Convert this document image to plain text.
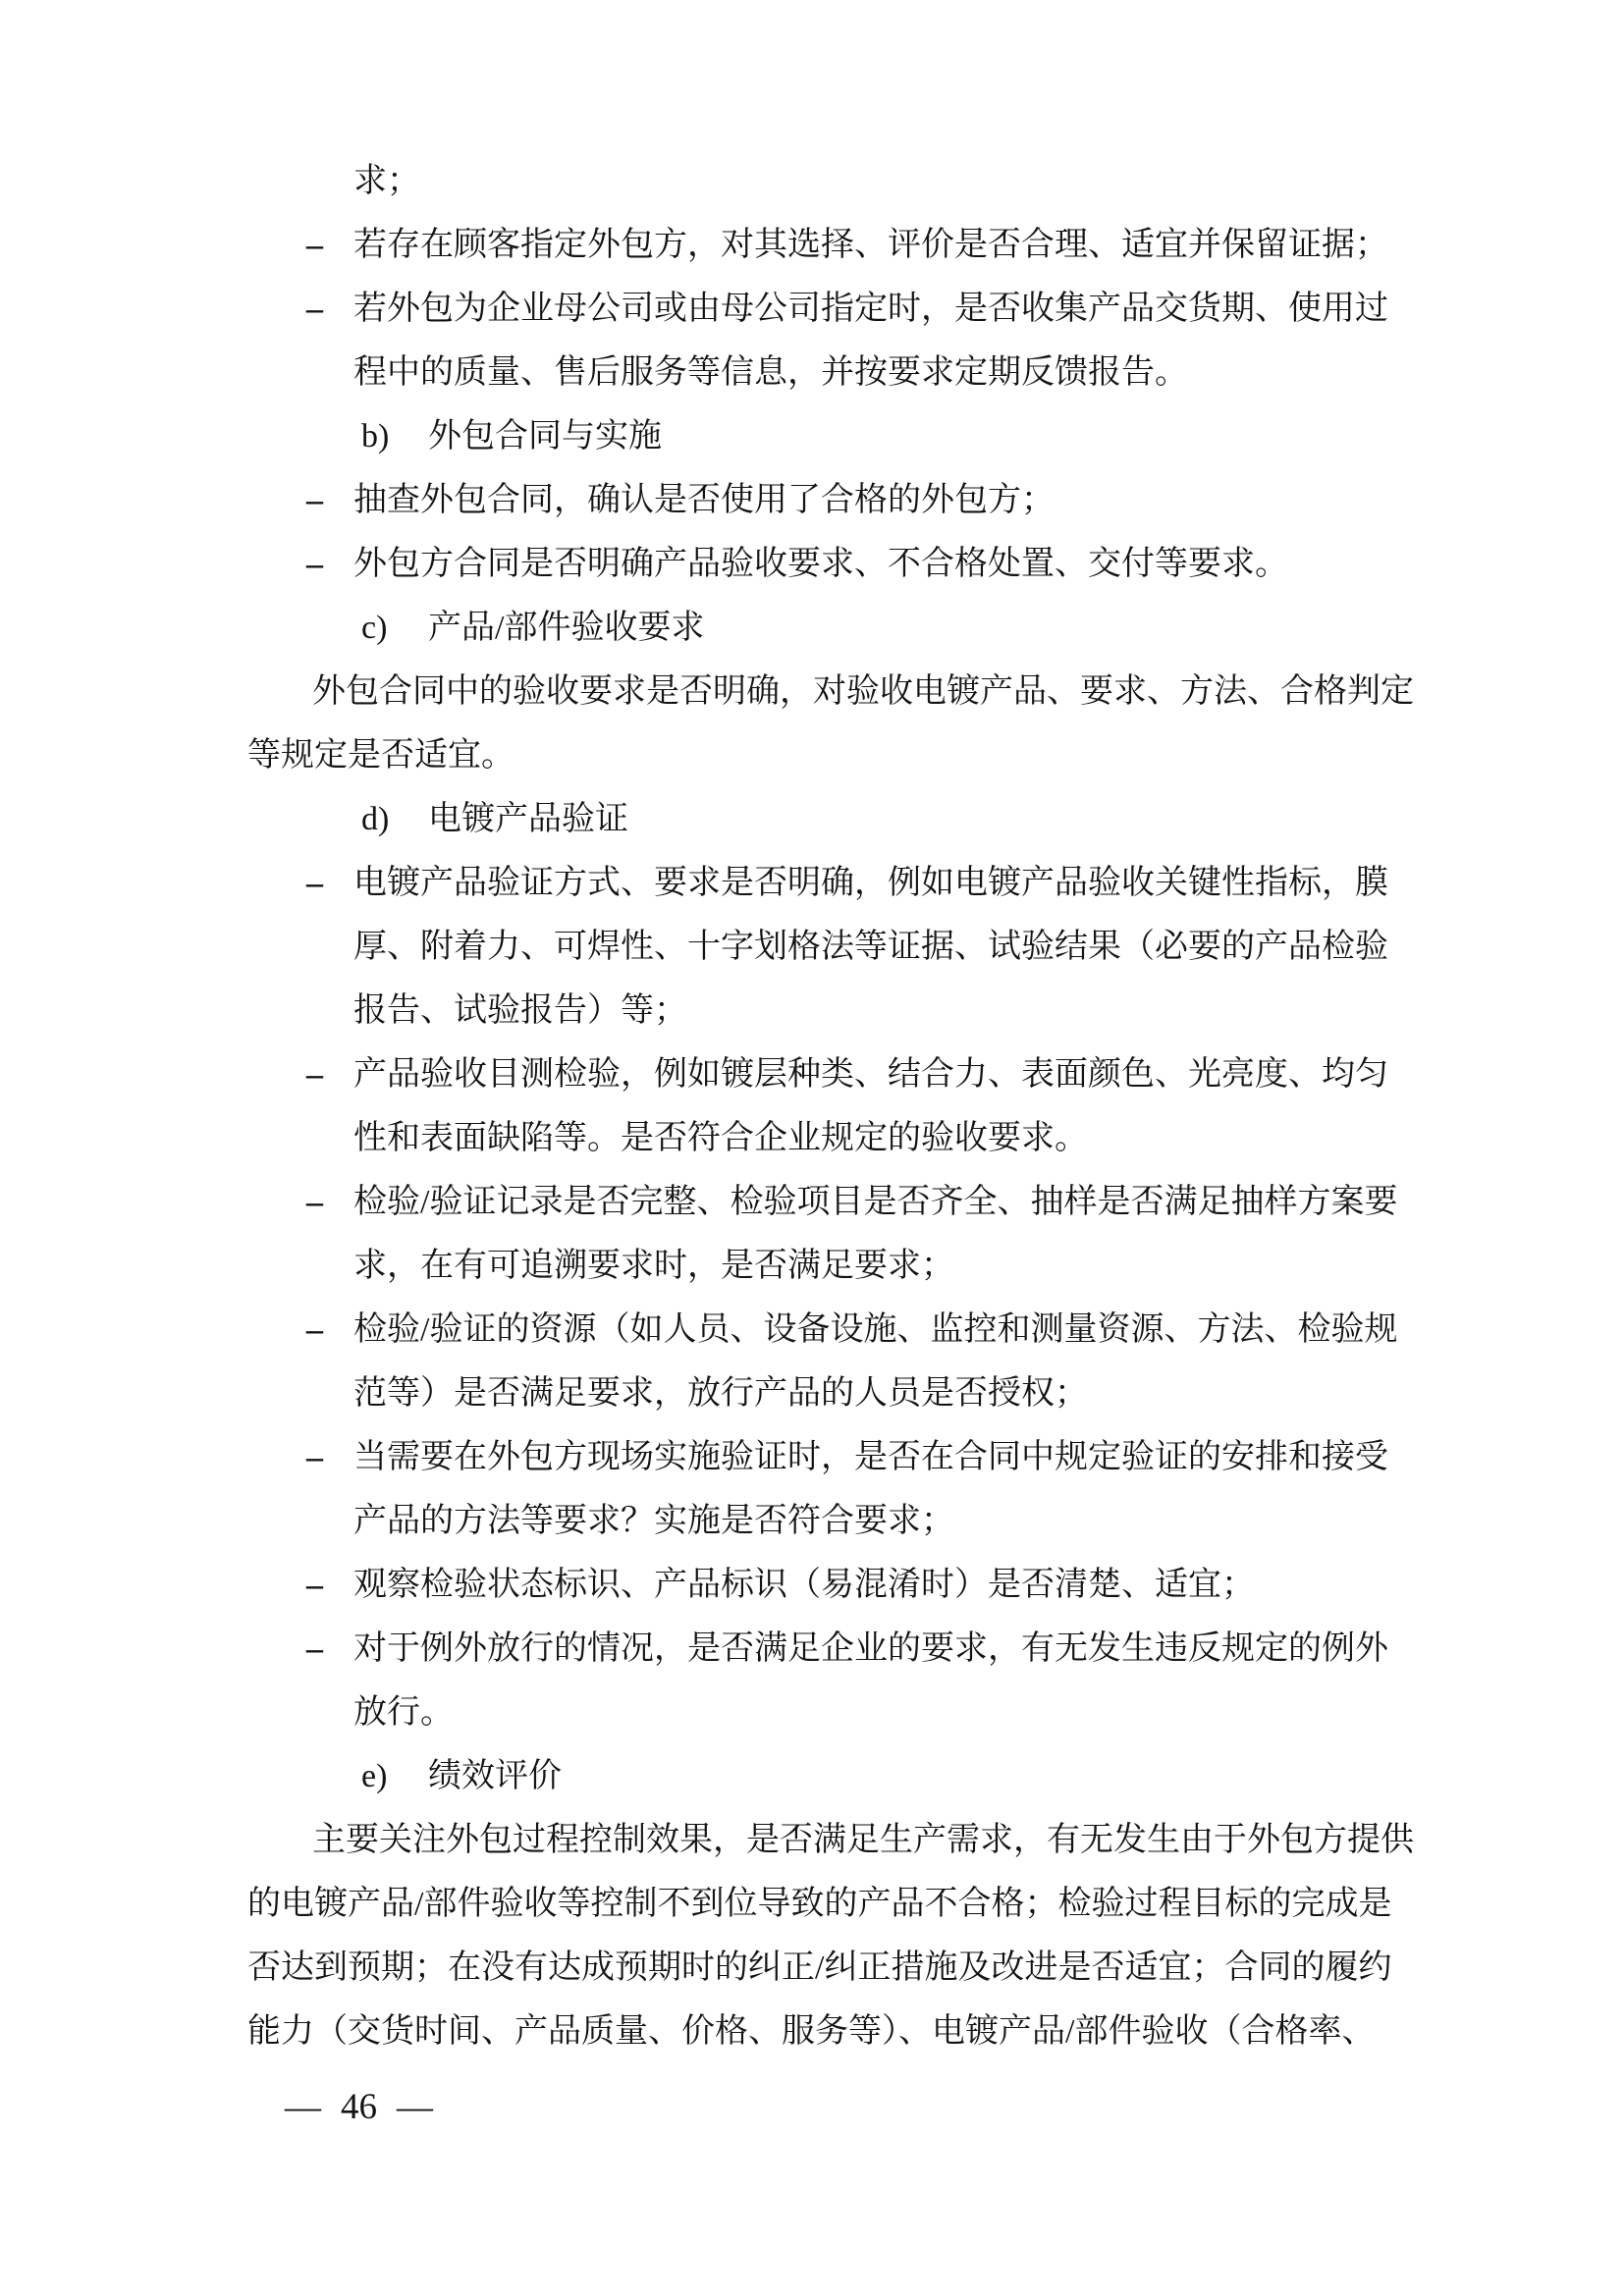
求；
– 若存在顾客指定外包方，对其选择、评价是否合理、适宜并保留证据；
– 若外包为企业母公司或由母公司指定时，是否收集产品交货期、使用过
程中的质量、售后服务等信息，并按要求定期反馈报告。
b) 外包合同与实施
– 抽查外包合同，确认是否使用了合格的外包方；
– 外包方合同是否明确产品验收要求、不合格处置、交付等要求。
c) 产品/部件验收要求
外包合同中的验收要求是否明确，对验收电镀产品、要求、方法、合格判定
等规定是否适宜。
d) 电镀产品验证
– 电镀产品验证方式、要求是否明确，例如电镀产品验收关键性指标，膜
厚、附着力、可焊性、十字划格法等证据、试验结果（必要的产品检验
报告、试验报告）等；
– 产品验收目测检验，例如镀层种类、结合力、表面颜色、光亮度、均匀
性和表面缺陷等。是否符合企业规定的验收要求。
– 检验/验证记录是否完整、检验项目是否齐全、抽样是否满足抽样方案要
求，在有可追溯要求时，是否满足要求；
– 检验/验证的资源（如人员、设备设施、监控和测量资源、方法、检验规
范等）是否满足要求，放行产品的人员是否授权；
– 当需要在外包方现场实施验证时，是否在合同中规定验证的安排和接受
产品的方法等要求？实施是否符合要求；
– 观察检验状态标识、产品标识（易混淆时）是否清楚、适宜；
– 对于例外放行的情况，是否满足企业的要求，有无发生违反规定的例外
放行。
e) 绩效评价
主要关注外包过程控制效果，是否满足生产需求，有无发生由于外包方提供
的电镀产品/部件验收等控制不到位导致的产品不合格；检验过程目标的完成是
否达到预期；在没有达成预期时的纠正/纠正措施及改进是否适宜；合同的履约
能力（交货时间、产品质量、价格、服务等）、电镀产品/部件验收（合格率、
— 46 —
